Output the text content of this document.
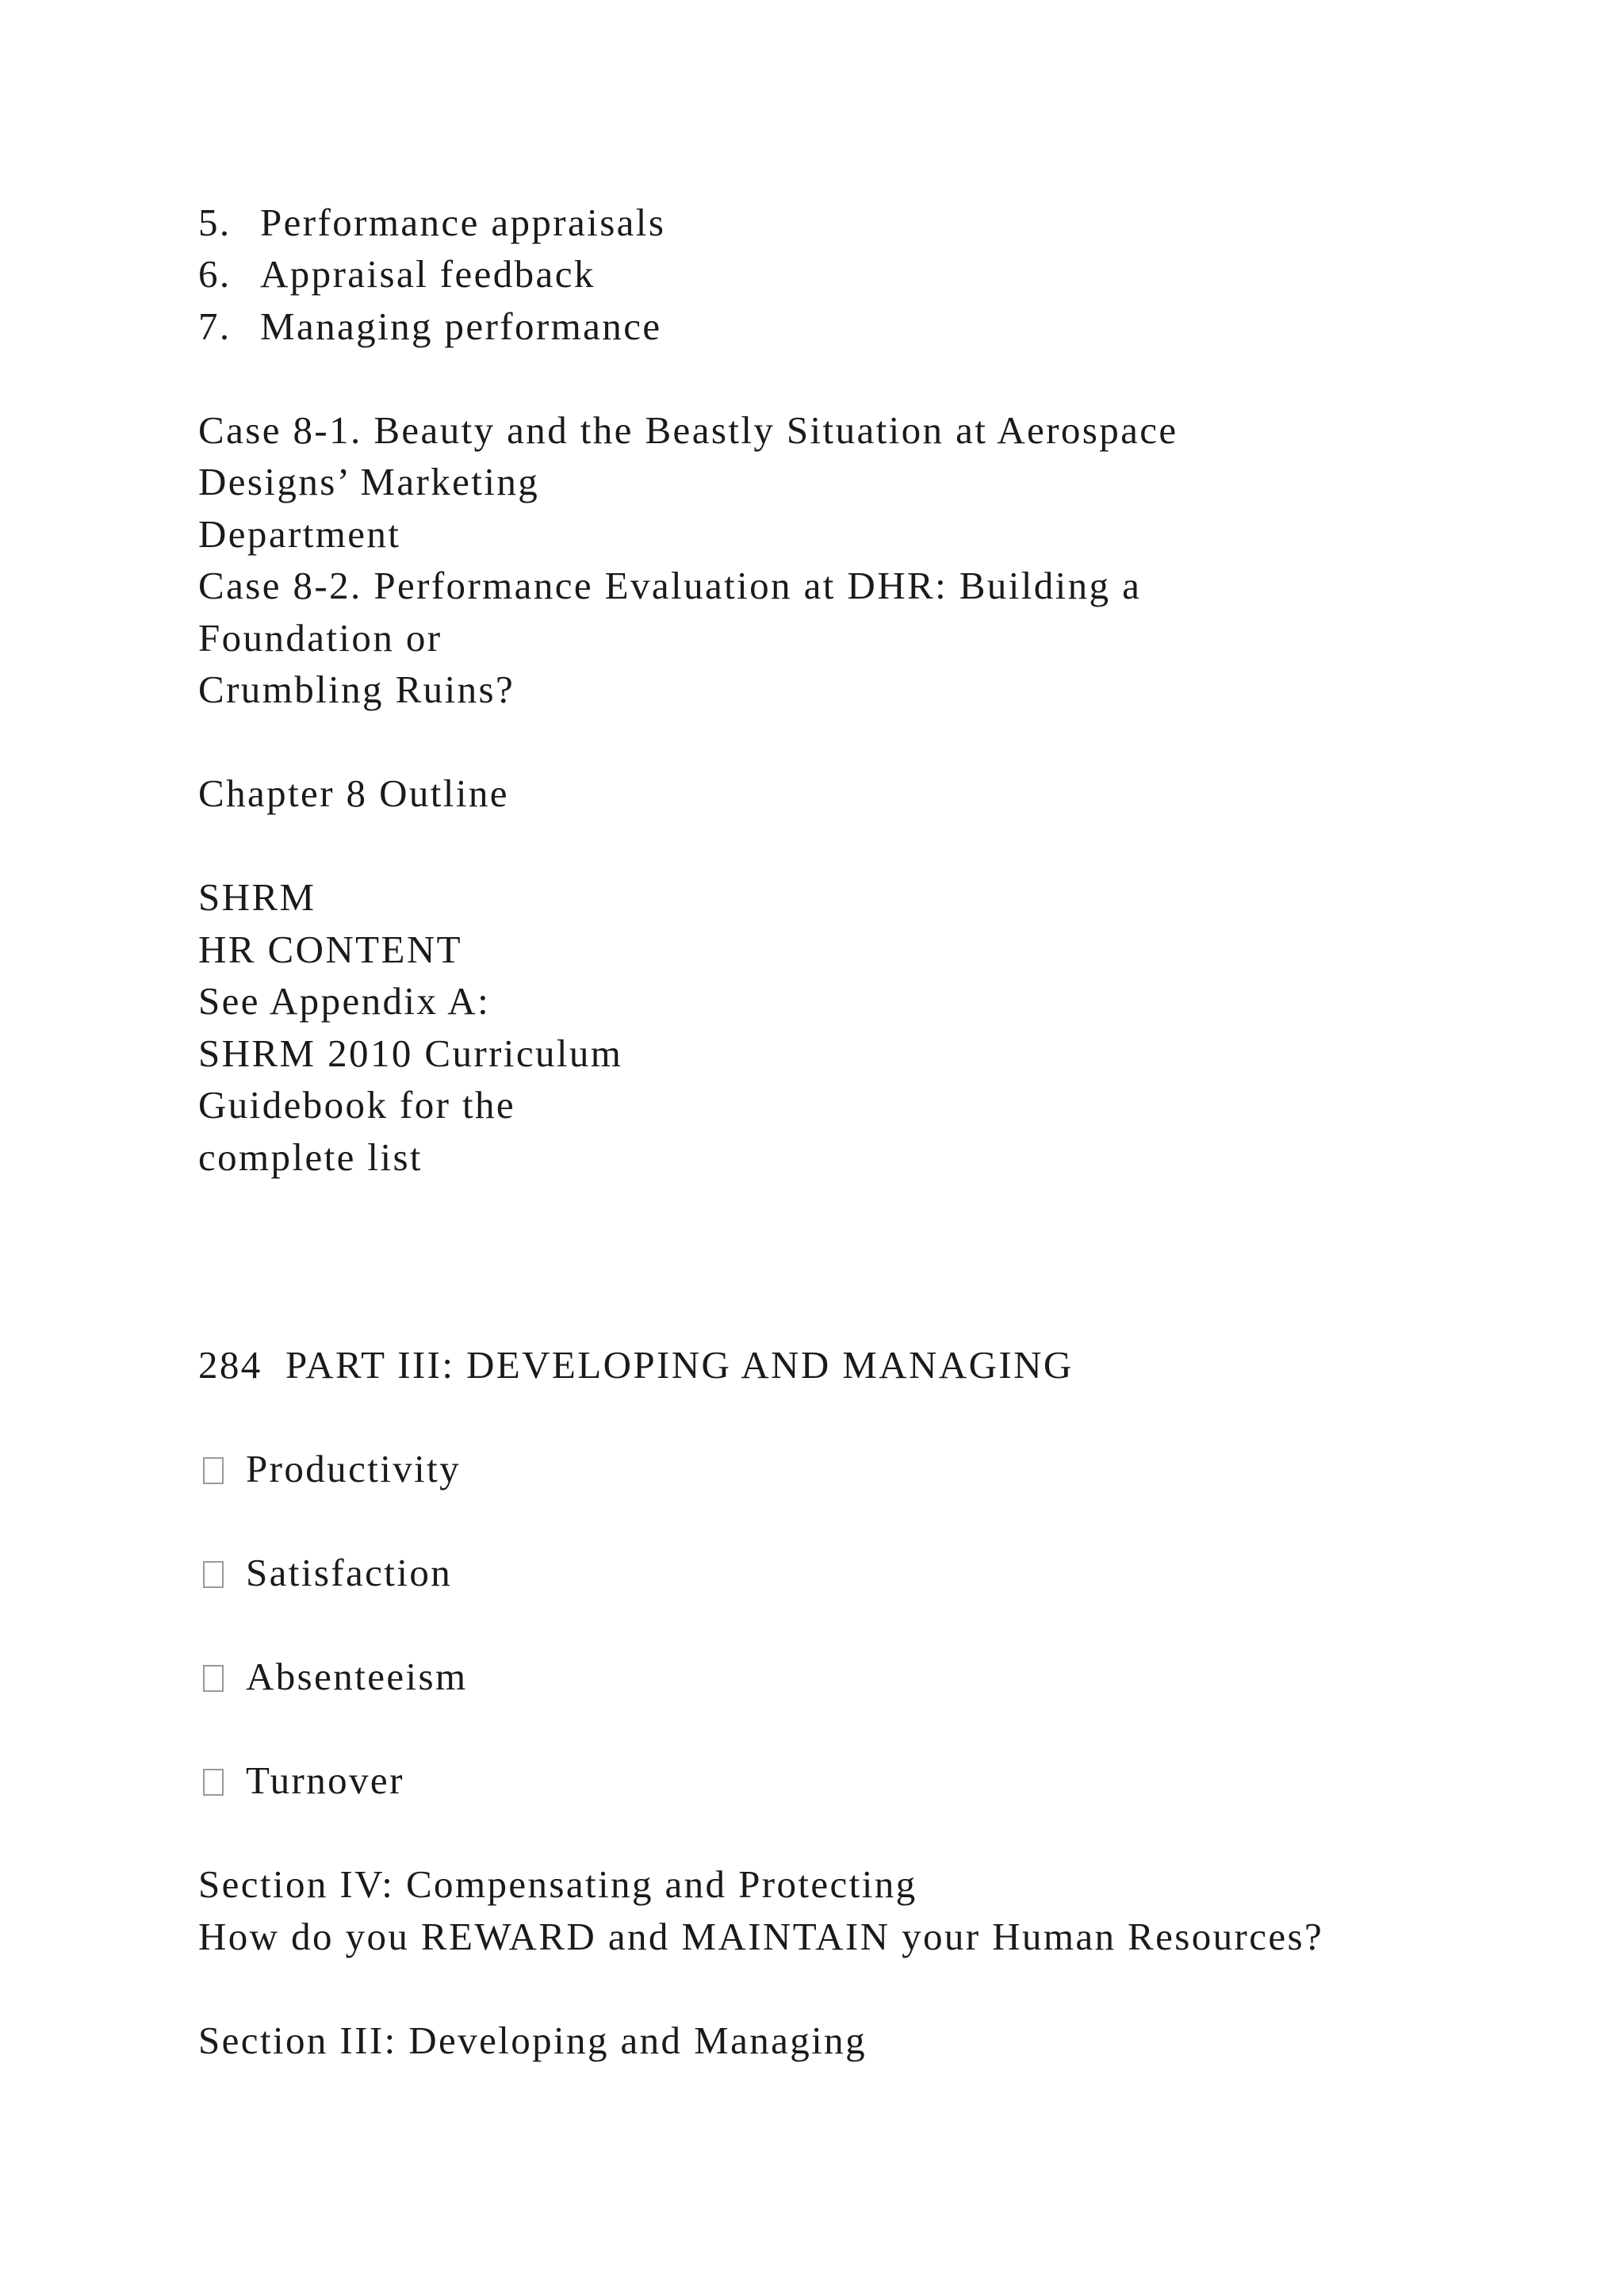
5. Performance appraisals

6. Appraisal feedback

7. Managing performance

Case 8-1. Beauty and the Beastly Situation at Aerospace

Designs’ Marketing

Department

Case 8-2. Performance Evaluation at DHR: Building a

Foundation or

Crumbling Ruins?

Chapter 8 Outline

SHRM

HR CONTENT

See Appendix A:

SHRM 2010 Curriculum

Guidebook for the

complete list

284 PART III: DEVELOPING AND MANAGING

Productivity

Satisfaction

Absenteeism

Turnover

Section IV: Compensating and Protecting

How do you REWARD and MAINTAIN your Human Resources?

Section III: Developing and Managing
